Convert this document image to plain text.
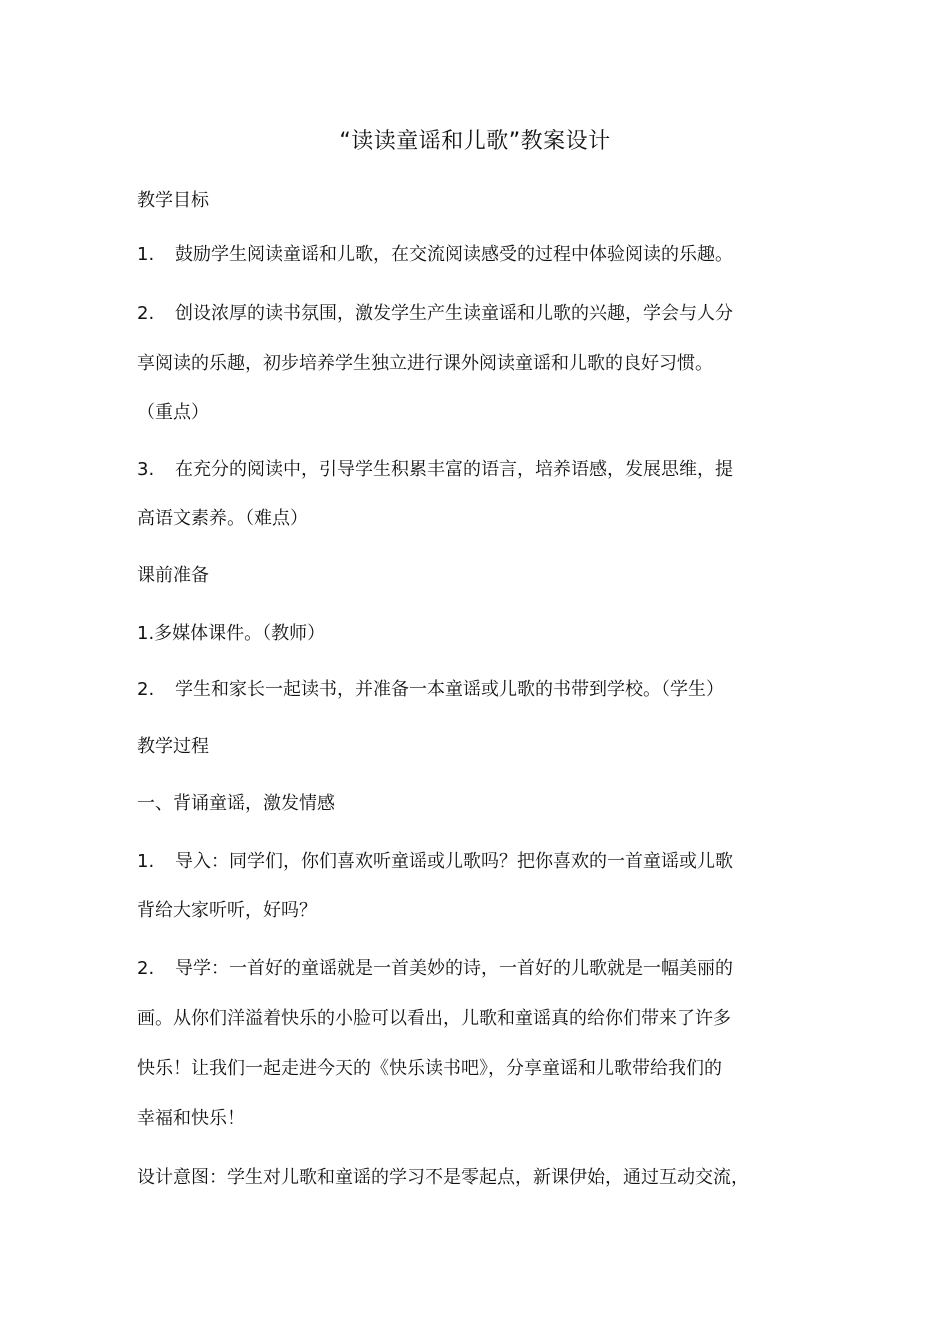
“读读童谣和儿歌”教案设计
教学目标
1. 鼓励学生阅读童谣和儿歌，在交流阅读感受的过程中体验阅读的乐趣。
2. 创设浓厚的读书氛围，激发学生产生读童谣和儿歌的兴趣，学会与人分
享阅读的乐趣，初步培养学生独立进行课外阅读童谣和儿歌的良好习惯。
（重点）
3. 在充分的阅读中，引导学生积累丰富的语言，培养语感，发展思维，提
高语文素养。（难点）
课前准备
1.多媒体课件。（教师）
2. 学生和家长一起读书，并准备一本童谣或儿歌的书带到学校。（学生）
教学过程
一、背诵童谣，激发情感
1. 导入：同学们，你们喜欢听童谣或儿歌吗？把你喜欢的一首童谣或儿歌
背给大家听听，好吗？
2. 导学：一首好的童谣就是一首美妙的诗，一首好的儿歌就是一幅美丽的
画。从你们洋溢着快乐的小脸可以看出，儿歌和童谣真的给你们带来了许多
快乐！让我们一起走进今天的《快乐读书吧》，分享童谣和儿歌带给我们的
幸福和快乐！
设计意图：学生对儿歌和童谣的学习不是零起点，新课伊始，通过互动交流，
